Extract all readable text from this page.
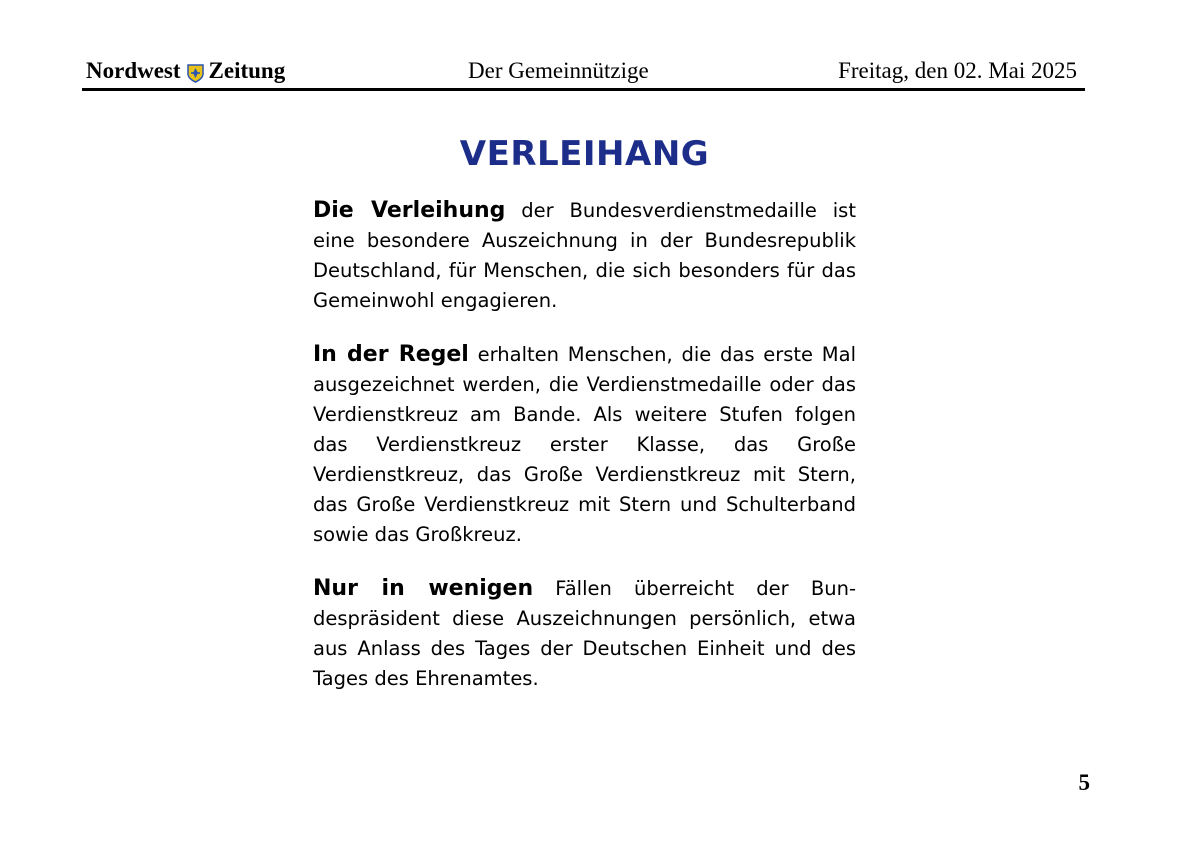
Nordwest Zeitung	Der Gemeinnützige	Freitag, den 02. Mai 2025
VERLEIHANG

Die Verleihung der Bundesverdienstmedaille ist eine besondere Auszeichnung in der Bundesrepublik Deutschland, für Menschen, die sich besonders für das Gemeinwohl engagieren.

In der Regel erhalten Menschen, die das erste Mal ausgezeichnet werden, die Verdienstmedaille oder das Verdienstkreuz am Bande. Als weitere Stufen folgen das Verdienstkreuz erster Klasse, das Große Verdienstkreuz, das Große Verdienstkreuz mit Stern, das Große Verdienstkreuz mit Stern und Schulterband sowie das Großkreuz.

Nur in wenigen Fällen überreicht der Bundespräsident diese Auszeichnungen persönlich, etwa aus Anlass des Tages der Deutschen Einheit und des Tages des Ehrenamtes.

5
